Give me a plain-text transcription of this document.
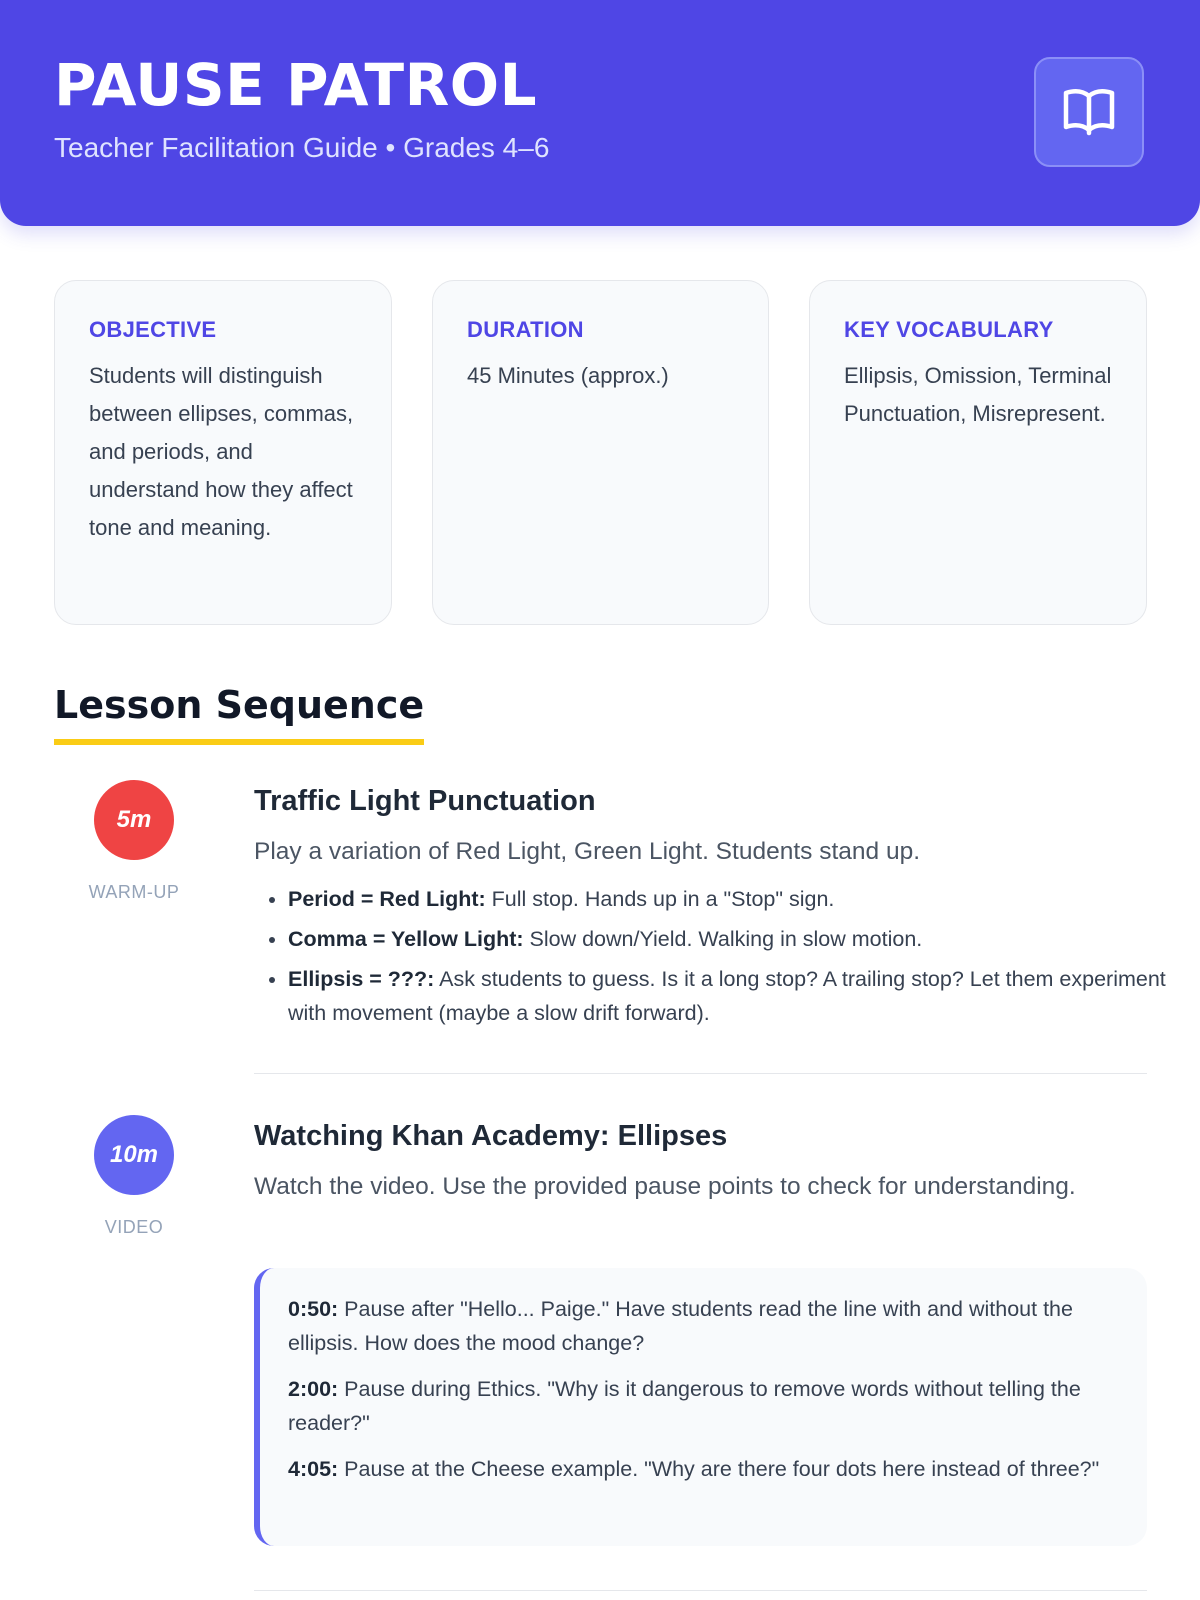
PAUSE PATROL
Teacher Facilitation Guide • Grades 4–6
OBJECTIVE

Students will distinguish between ellipses, commas, and periods, and understand how they affect tone and meaning.

DURATION

45 Minutes (approx.)

KEY VOCABULARY

Ellipsis, Omission, Terminal Punctuation, Misrepresent.

Lesson Sequence
5m
WARM-UP
Traffic Light Punctuation

Play a variation of Red Light, Green Light. Students stand up.

• Period = Red Light: Full stop. Hands up in a "Stop" sign.
• Comma = Yellow Light: Slow down/Yield. Walking in slow motion.
• Ellipsis = ???: Ask students to guess. Is it a long stop? A trailing stop? Let them experiment with movement (maybe a slow drift forward).
10m
VIDEO
Watching Khan Academy: Ellipses

Watch the video. Use the provided pause points to check for understanding.

0:50: Pause after "Hello... Paige." Have students read the line with and without the ellipsis. How does the mood change?

2:00: Pause during Ethics. "Why is it dangerous to remove words without telling the reader?"

4:05: Pause at the Cheese example. "Why are there four dots here instead of three?"
